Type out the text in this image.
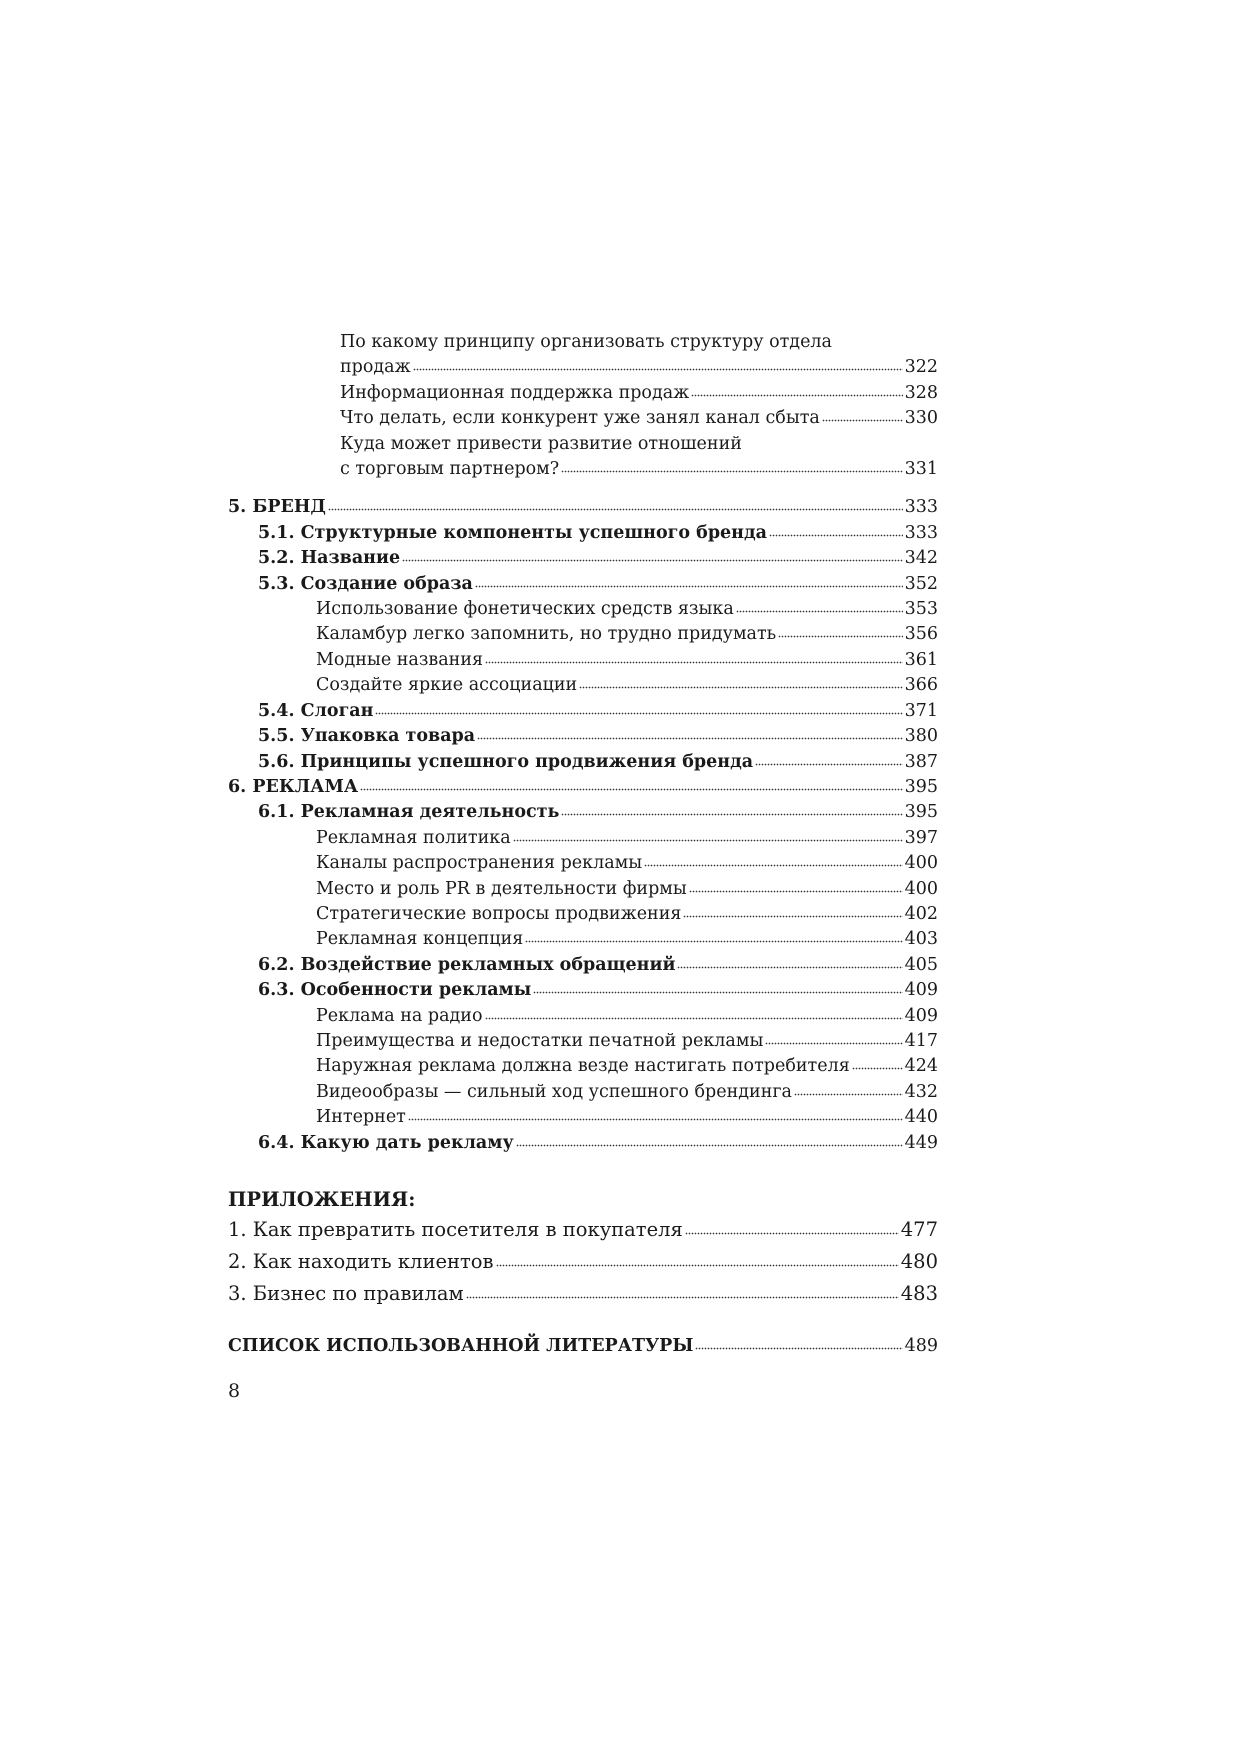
По какому принципу организовать структуру отдела
продаж	322
Информационная поддержка продаж	328
Что делать, если конкурент уже занял канал сбыта	330
Куда может привести развитие отношений
с торговым партнером?	331
5. БРЕНД	333
5.1. Структурные компоненты успешного бренда	333
5.2. Название	342
5.3. Создание образа	352
Использование фонетических средств языка	353
Каламбур легко запомнить, но трудно придумать	356
Модные названия	361
Создайте яркие ассоциации	366
5.4. Слоган	371
5.5. Упаковка товара	380
5.6. Принципы успешного продвижения бренда	387
6. РЕКЛАМА	395
6.1. Рекламная деятельность	395
Рекламная политика	397
Каналы распространения рекламы	400
Место и роль PR в деятельности фирмы	400
Стратегические вопросы продвижения	402
Рекламная концепция	403
6.2. Воздействие рекламных обращений	405
6.3. Особенности рекламы	409
Реклама на радио	409
Преимущества и недостатки печатной рекламы	417
Наружная реклама должна везде настигать потребителя	424
Видеообразы — сильный ход успешного брендинга	432
Интернет	440
6.4. Какую дать рекламу	449
ПРИЛОЖЕНИЯ:
1. Как превратить посетителя в покупателя	477
2. Как находить клиентов	480
3. Бизнес по правилам	483
СПИСОК ИСПОЛЬЗОВАННОЙ ЛИТЕРАТУРЫ	489
8
